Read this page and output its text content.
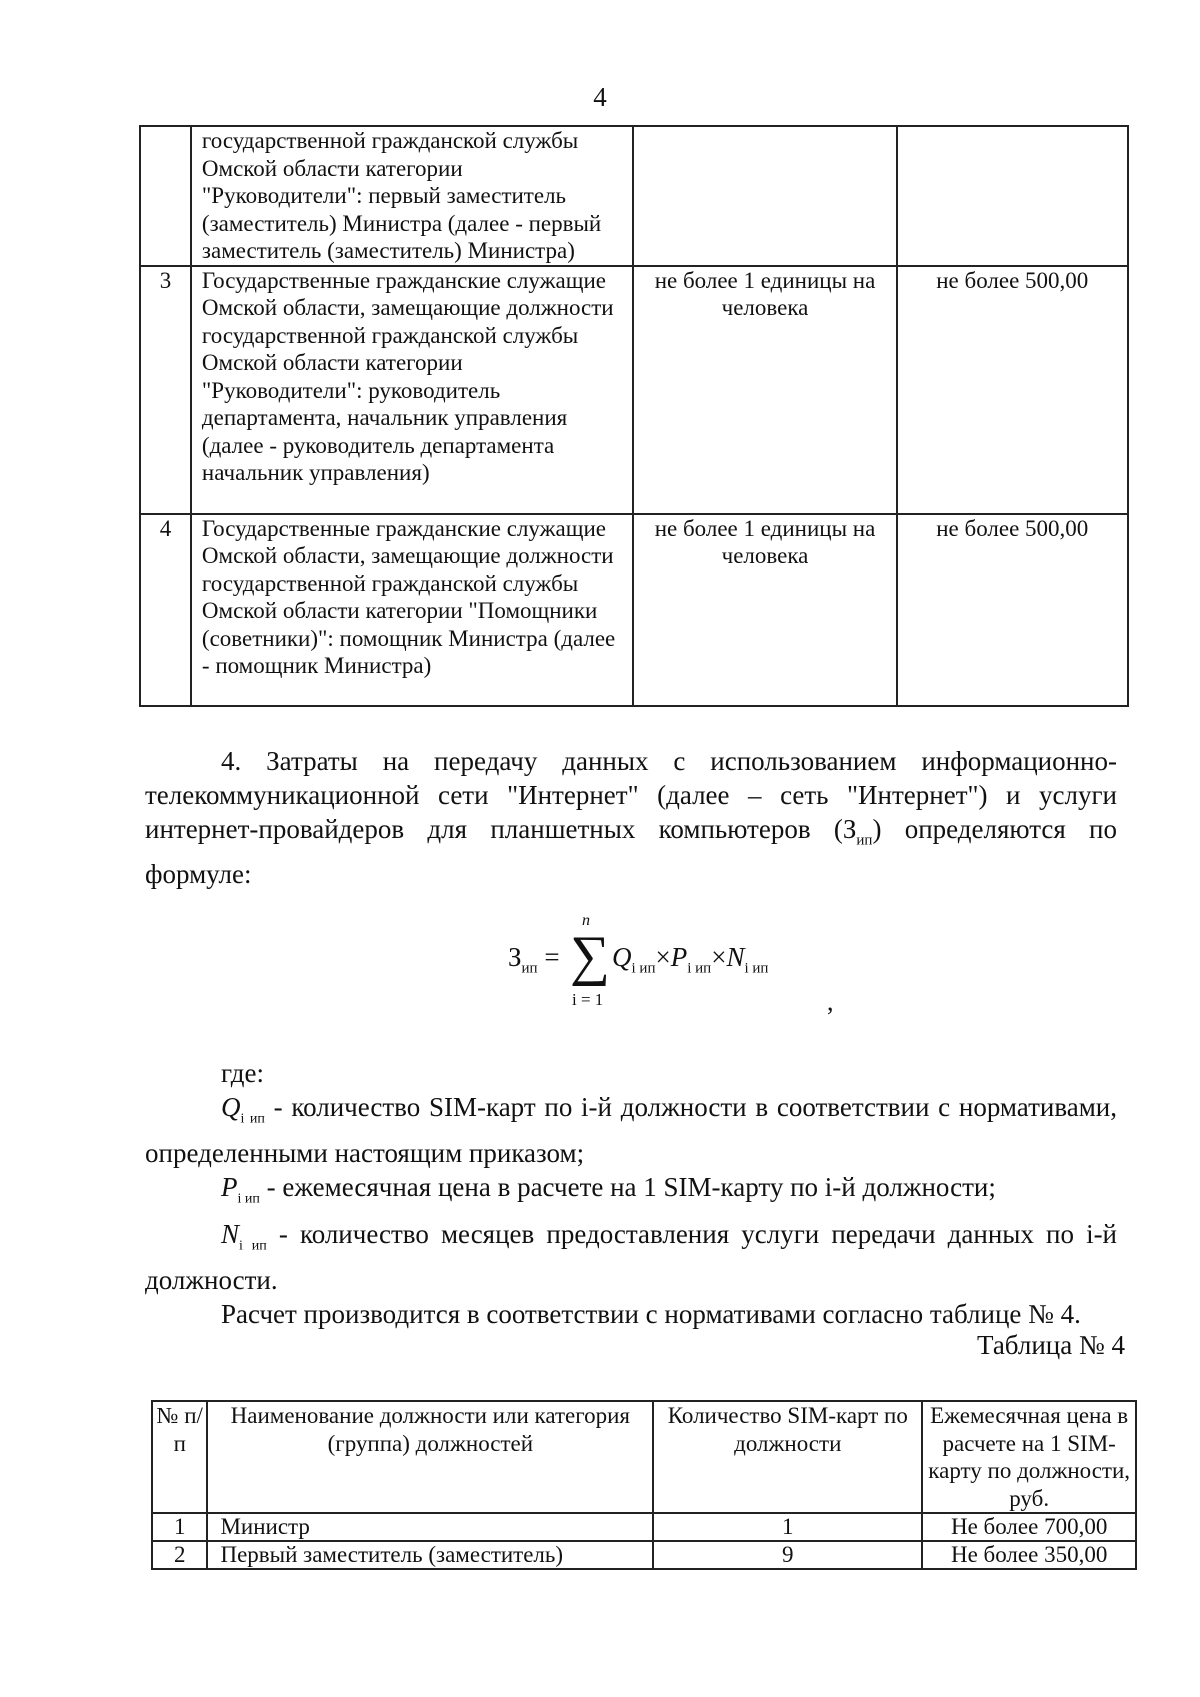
4
	государственной гражданской службы Омской области категории "Руководители": первый заместитель (заместитель) Министра (далее - первый заместитель (заместитель) Министра)		
3	Государственные гражданские служащие Омской области, замещающие должности государственной гражданской службы Омской области категории "Руководители": руководитель департамента, начальник управления (далее - руководитель департамента начальник управления)	не более 1 единицы на человека	не более 500,00
4	Государственные гражданские служащие Омской области, замещающие должности государственной гражданской службы Омской области категории "Помощники (советники)": помощник Министра (далее - помощник Министра)	не более 1 единицы на человека	не более 500,00

4. Затраты на передачу данных с использованием информационно-телекоммуникационной сети "Интернет" (далее – сеть "Интернет") и услуги интернет-провайдеров для планшетных компьютеров $(З_{ип})$ определяются по формуле:

$З_{ип}$ =
n
∑
i = 1
$Q_{i ип}\times P_{i ип}\times N_{i ип}$
,

где:

$Q_{i ип}$ - количество SIM-карт по i-й должности в соответствии с нормативами, определенными настоящим приказом;

$P_{i ип}$ - ежемесячная цена в расчете на 1 SIM-карту по i-й должности;

$N_{i ип}$ - количество месяцев предоставления услуги передачи данных по i-й должности.

Расчет производится в соответствии с нормативами согласно таблице № 4.

Таблица № 4
№ п/п	Наименование должности или категория (группа) должностей	Количество SIM-карт по должности	Ежемесячная цена в расчете на 1 SIM-карту по должности, руб.
1	Министр	1	Не более 700,00
2	Первый заместитель (заместитель)	9	Не более 350,00
